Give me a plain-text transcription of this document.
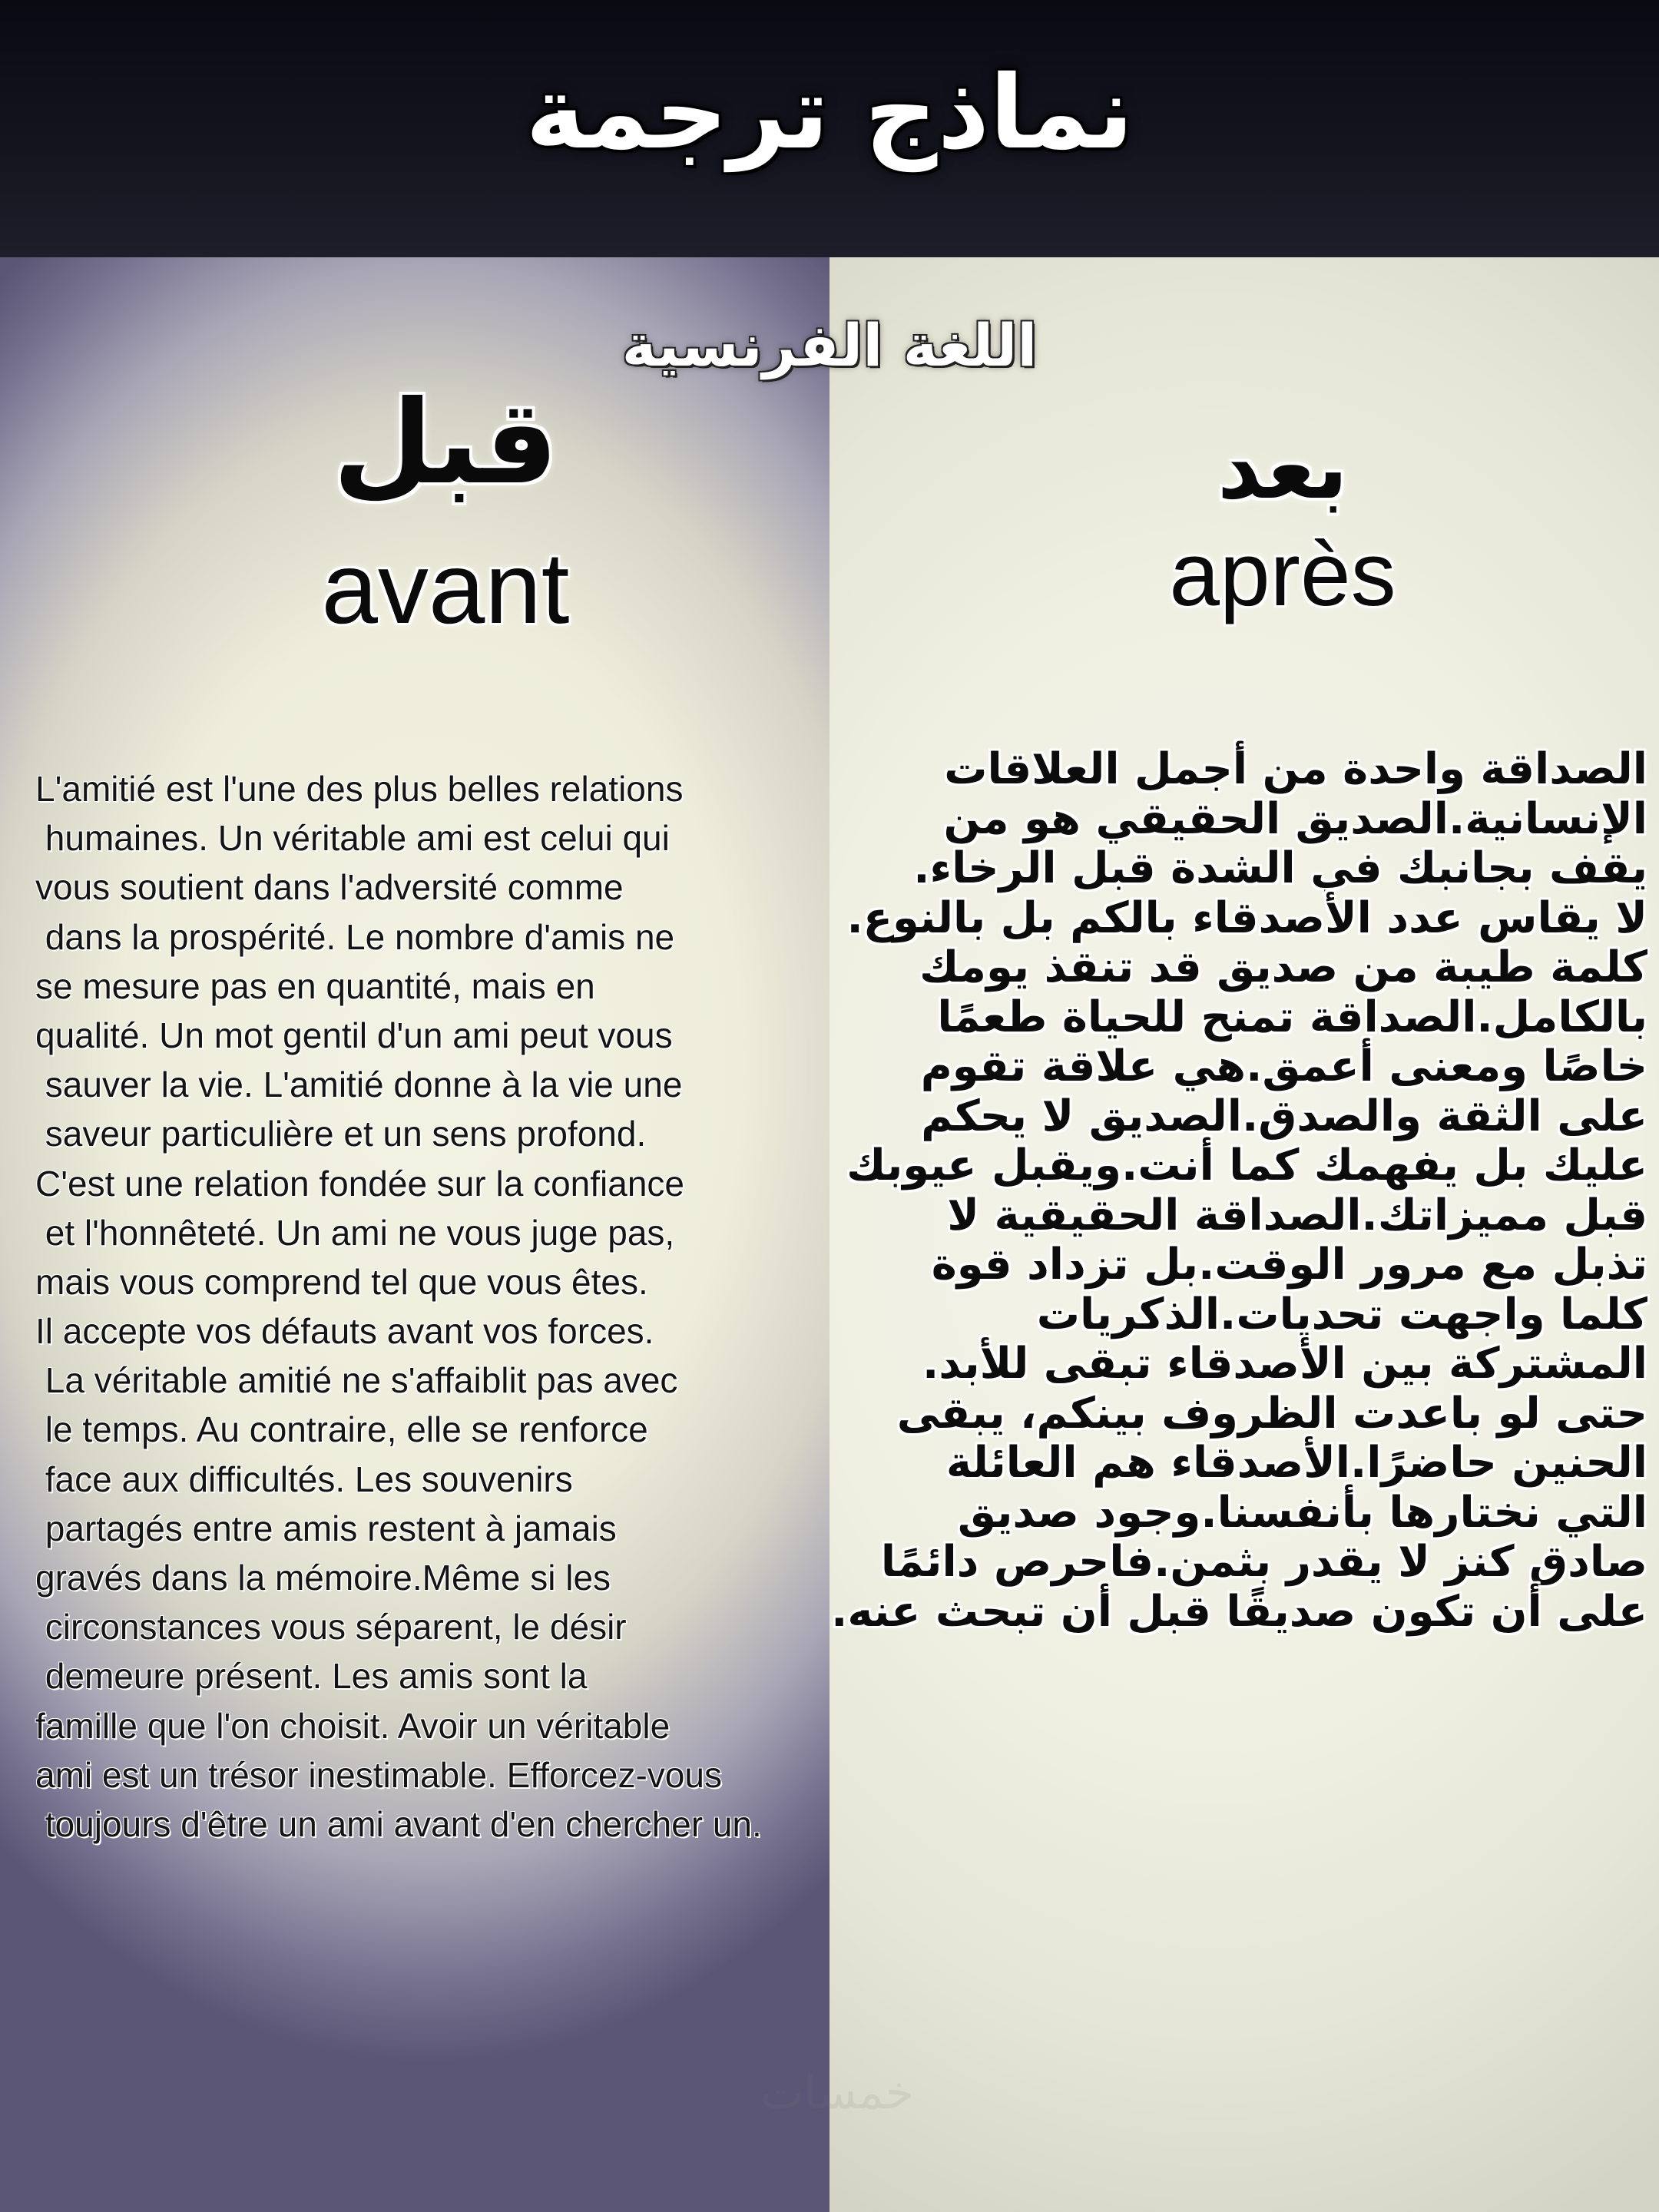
نماذج ترجمة
اللغة الفرنسية
قبل
avant
بعد
après
L'amitié est l'une des plus belles relations
humaines. Un véritable ami est celui qui
vous soutient dans l'adversité comme
dans la prospérité. Le nombre d'amis ne
se mesure pas en quantité, mais en
qualité. Un mot gentil d'un ami peut vous
sauver la vie. L'amitié donne à la vie une
saveur particulière et un sens profond.
C'est une relation fondée sur la confiance
et l'honnêteté. Un ami ne vous juge pas,
mais vous comprend tel que vous êtes.
Il accepte vos défauts avant vos forces.
La véritable amitié ne s'affaiblit pas avec
le temps. Au contraire, elle se renforce
face aux difficultés. Les souvenirs
partagés entre amis restent à jamais
gravés dans la mémoire.Même si les
circonstances vous séparent, le désir
demeure présent. Les amis sont la
famille que l'on choisit. Avoir un véritable
ami est un trésor inestimable. Efforcez-vous
toujours d'être un ami avant d'en chercher un.
الصداقة واحدة من أجمل العلاقات
الإنسانية.الصديق الحقيقي هو من
يقف بجانبك في الشدة قبل الرخاء.
لا يقاس عدد الأصدقاء بالكم بل بالنوع.
كلمة طيبة من صديق قد تنقذ يومك
بالكامل.الصداقة تمنح للحياة طعمًا
خاصًا ومعنى أعمق.هي علاقة تقوم
على الثقة والصدق.الصديق لا يحكم
عليك بل يفهمك كما أنت.ويقبل عيوبك
قبل مميزاتك.الصداقة الحقيقية لا
تذبل مع مرور الوقت.بل تزداد قوة
كلما واجهت تحديات.الذكريات
المشتركة بين الأصدقاء تبقى للأبد.
حتى لو باعدت الظروف بينكم، يبقى
الحنين حاضرًا.الأصدقاء هم العائلة
التي نختارها بأنفسنا.وجود صديق
صادق كنز لا يقدر بثمن.فاحرص دائمًا
على أن تكون صديقًا قبل أن تبحث عنه.
خمسات
